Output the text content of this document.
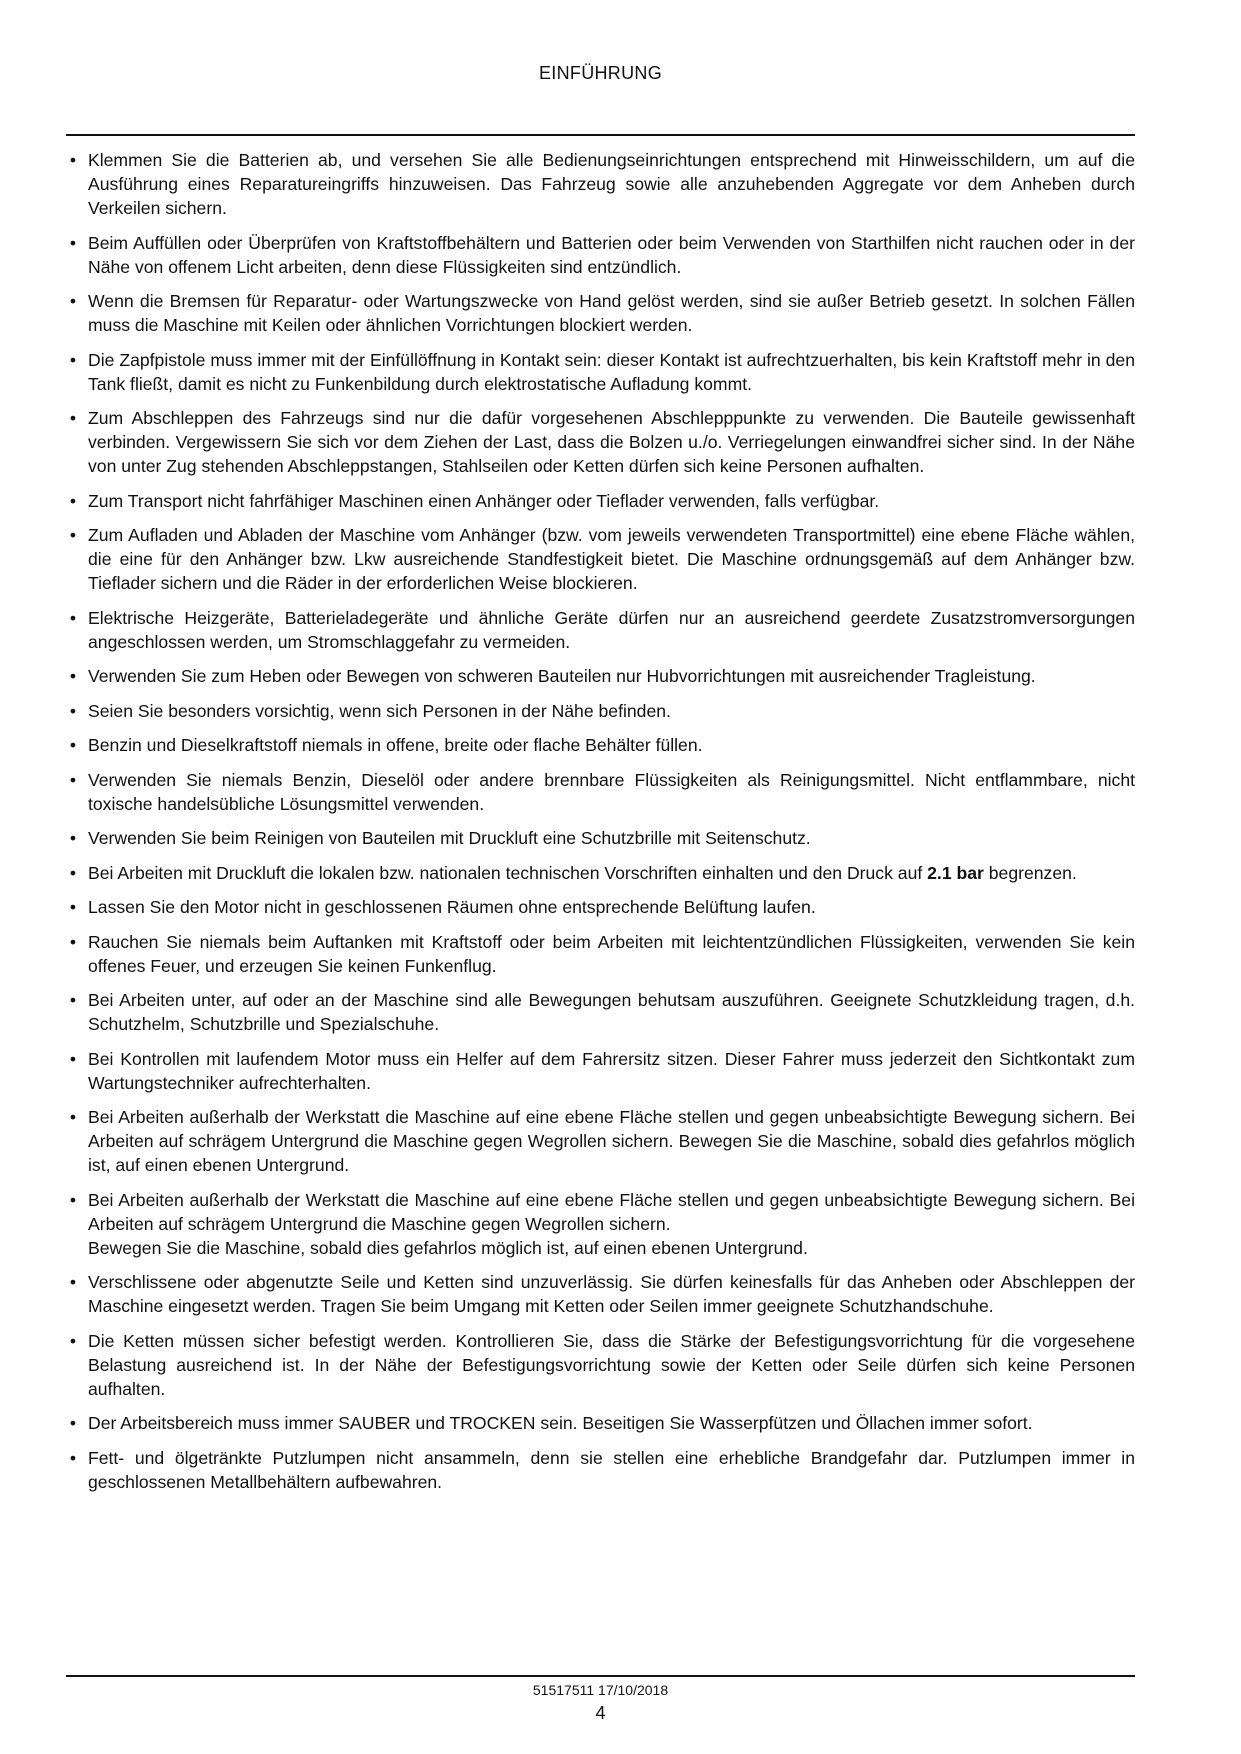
EINFÜHRUNG
• Klemmen Sie die Batterien ab, und versehen Sie alle Bedienungseinrichtungen entsprechend mit Hinweisschildern, um auf die Ausführung eines Reparatureingriffs hinzuweisen. Das Fahrzeug sowie alle anzuhebenden Aggregate vor dem Anheben durch Verkeilen sichern.
• Beim Auffüllen oder Überprüfen von Kraftstoffbehältern und Batterien oder beim Verwenden von Starthilfen nicht rauchen oder in der Nähe von offenem Licht arbeiten, denn diese Flüssigkeiten sind entzündlich.
• Wenn die Bremsen für Reparatur- oder Wartungszwecke von Hand gelöst werden, sind sie außer Betrieb gesetzt. In solchen Fällen muss die Maschine mit Keilen oder ähnlichen Vorrichtungen blockiert werden.
• Die Zapfpistole muss immer mit der Einfüllöffnung in Kontakt sein: dieser Kontakt ist aufrechtzuerhalten, bis kein Kraftstoff mehr in den Tank fließt, damit es nicht zu Funkenbildung durch elektrostatische Aufladung kommt.
• Zum Abschleppen des Fahrzeugs sind nur die dafür vorgesehenen Abschlepppunkte zu verwenden. Die Bauteile gewissenhaft verbinden. Vergewissern Sie sich vor dem Ziehen der Last, dass die Bolzen u./o. Verriegelungen einwandfrei sicher sind. In der Nähe von unter Zug stehenden Abschleppstangen, Stahlseilen oder Ketten dürfen sich keine Personen aufhalten.
• Zum Transport nicht fahrfähiger Maschinen einen Anhänger oder Tieflader verwenden, falls verfügbar.
• Zum Aufladen und Abladen der Maschine vom Anhänger (bzw. vom jeweils verwendeten Transportmittel) eine ebene Fläche wählen, die eine für den Anhänger bzw. Lkw ausreichende Standfestigkeit bietet. Die Maschine ordnungsgemäß auf dem Anhänger bzw. Tieflader sichern und die Räder in der erforderlichen Weise blockieren.
• Elektrische Heizgeräte, Batterieladegeräte und ähnliche Geräte dürfen nur an ausreichend geerdete Zusatzstromversorgungen angeschlossen werden, um Stromschlaggefahr zu vermeiden.
• Verwenden Sie zum Heben oder Bewegen von schweren Bauteilen nur Hubvorrichtungen mit ausreichender Tragleistung.
• Seien Sie besonders vorsichtig, wenn sich Personen in der Nähe befinden.
• Benzin und Dieselkraftstoff niemals in offene, breite oder flache Behälter füllen.
• Verwenden Sie niemals Benzin, Dieselöl oder andere brennbare Flüssigkeiten als Reinigungsmittel. Nicht entflammbare, nicht toxische handelsübliche Lösungsmittel verwenden.
• Verwenden Sie beim Reinigen von Bauteilen mit Druckluft eine Schutzbrille mit Seitenschutz.
• Bei Arbeiten mit Druckluft die lokalen bzw. nationalen technischen Vorschriften einhalten und den Druck auf 2.1 bar begrenzen.
• Lassen Sie den Motor nicht in geschlossenen Räumen ohne entsprechende Belüftung laufen.
• Rauchen Sie niemals beim Auftanken mit Kraftstoff oder beim Arbeiten mit leichtentzündlichen Flüssigkeiten, verwenden Sie kein offenes Feuer, und erzeugen Sie keinen Funkenflug.
• Bei Arbeiten unter, auf oder an der Maschine sind alle Bewegungen behutsam auszuführen. Geeignete Schutzkleidung tragen, d.h. Schutzhelm, Schutzbrille und Spezialschuhe.
• Bei Kontrollen mit laufendem Motor muss ein Helfer auf dem Fahrersitz sitzen. Dieser Fahrer muss jederzeit den Sichtkontakt zum Wartungstechniker aufrechterhalten.
• Bei Arbeiten außerhalb der Werkstatt die Maschine auf eine ebene Fläche stellen und gegen unbeabsichtigte Bewegung sichern. Bei Arbeiten auf schrägem Untergrund die Maschine gegen Wegrollen sichern. Bewegen Sie die Maschine, sobald dies gefahrlos möglich ist, auf einen ebenen Untergrund.
• Bei Arbeiten außerhalb der Werkstatt die Maschine auf eine ebene Fläche stellen und gegen unbeabsichtigte Bewegung sichern. Bei Arbeiten auf schrägem Untergrund die Maschine gegen Wegrollen sichern.
Bewegen Sie die Maschine, sobald dies gefahrlos möglich ist, auf einen ebenen Untergrund.
• Verschlissene oder abgenutzte Seile und Ketten sind unzuverlässig. Sie dürfen keinesfalls für das Anheben oder Abschleppen der Maschine eingesetzt werden. Tragen Sie beim Umgang mit Ketten oder Seilen immer geeignete Schutzhandschuhe.
• Die Ketten müssen sicher befestigt werden. Kontrollieren Sie, dass die Stärke der Befestigungsvorrichtung für die vorgesehene Belastung ausreichend ist. In der Nähe der Befestigungsvorrichtung sowie der Ketten oder Seile dürfen sich keine Personen aufhalten.
• Der Arbeitsbereich muss immer SAUBER und TROCKEN sein. Beseitigen Sie Wasserpfützen und Öllachen immer sofort.
• Fett- und ölgetränkte Putzlumpen nicht ansammeln, denn sie stellen eine erhebliche Brandgefahr dar. Putzlumpen immer in geschlossenen Metallbehältern aufbewahren.
51517511 17/10/2018
4
